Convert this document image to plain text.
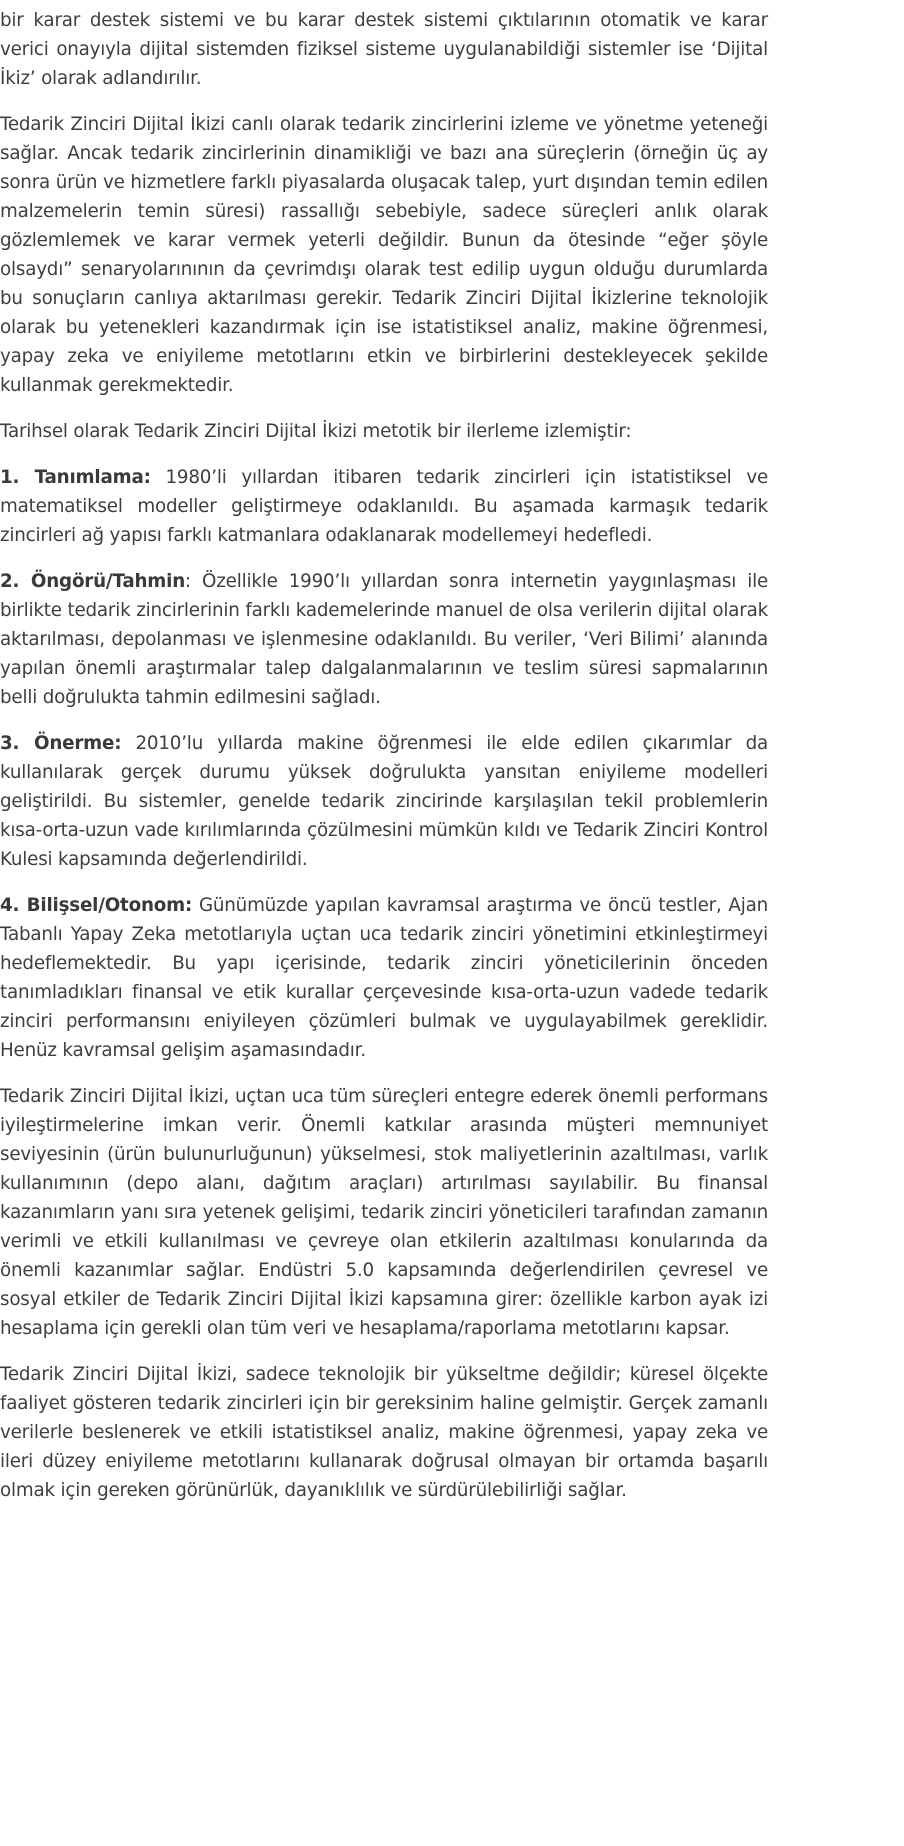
bir karar destek sistemi ve bu karar destek sistemi çıktılarının otomatik ve karar verici onayıyla dijital sistemden fiziksel sisteme uygulanabildiği sistemler ise ‘Dijital İkiz’ olarak adlandırılır.

Tedarik Zinciri Dijital İkizi canlı olarak tedarik zincirlerini izleme ve yönetme yeteneği sağlar. Ancak tedarik zincirlerinin dinamikliği ve bazı ana süreçlerin (örneğin üç ay sonra ürün ve hizmetlere farklı piyasalarda oluşacak talep, yurt dışından temin edilen malzemelerin temin süresi) rassallığı sebebiyle, sadece süreçleri anlık olarak gözlemlemek ve karar vermek yeterli değildir. Bunun da ötesinde “eğer şöyle olsaydı” senaryolarınının da çevrimdışı olarak test edilip uygun olduğu durumlarda bu sonuçların canlıya aktarılması gerekir. Tedarik Zinciri Dijital İkizlerine teknolojik olarak bu yetenekleri kazandırmak için ise istatistiksel analiz, makine öğrenmesi, yapay zeka ve eniyileme metotlarını etkin ve birbirlerini destekleyecek şekilde kullanmak gerekmektedir.

Tarihsel olarak Tedarik Zinciri Dijital İkizi metotik bir ilerleme izlemiştir:

1. Tanımlama: 1980’li yıllardan itibaren tedarik zincirleri için istatistiksel ve matematiksel modeller geliştirmeye odaklanıldı. Bu aşamada karmaşık tedarik zincirleri ağ yapısı farklı katmanlara odaklanarak modellemeyi hedefledi.

2. Öngörü/Tahmin: Özellikle 1990’lı yıllardan sonra internetin yaygınlaşması ile birlikte tedarik zincirlerinin farklı kademelerinde manuel de olsa verilerin dijital olarak aktarılması, depolanması ve işlenmesine odaklanıldı. Bu veriler, ‘Veri Bilimi’ alanında yapılan önemli araştırmalar talep dalgalanmalarının ve teslim süresi sapmalarının belli doğrulukta tahmin edilmesini sağladı.

3. Önerme: 2010’lu yıllarda makine öğrenmesi ile elde edilen çıkarımlar da kullanılarak gerçek durumu yüksek doğrulukta yansıtan eniyileme modelleri geliştirildi. Bu sistemler, genelde tedarik zincirinde karşılaşılan tekil problemlerin kısa-orta-uzun vade kırılımlarında çözülmesini mümkün kıldı ve Tedarik Zinciri Kontrol Kulesi kapsamında değerlendirildi.

4. Bilişsel/Otonom: Günümüzde yapılan kavramsal araştırma ve öncü testler, Ajan Tabanlı Yapay Zeka metotlarıyla uçtan uca tedarik zinciri yönetimini etkinleştirmeyi hedeflemektedir. Bu yapı içerisinde, tedarik zinciri yöneticilerinin önceden tanımladıkları finansal ve etik kurallar çerçevesinde kısa-orta-uzun vadede tedarik zinciri performansını eniyileyen çözümleri bulmak ve uygulayabilmek gereklidir. Henüz kavramsal gelişim aşamasındadır.

Tedarik Zinciri Dijital İkizi, uçtan uca tüm süreçleri entegre ederek önemli performans iyileştirmelerine imkan verir. Önemli katkılar arasında müşteri memnuniyet seviyesinin (ürün bulunurluğunun) yükselmesi, stok maliyetlerinin azaltılması, varlık kullanımının (depo alanı, dağıtım araçları) artırılması sayılabilir. Bu finansal kazanımların yanı sıra yetenek gelişimi, tedarik zinciri yöneticileri tarafından zamanın verimli ve etkili kullanılması ve çevreye olan etkilerin azaltılması konularında da önemli kazanımlar sağlar. Endüstri 5.0 kapsamında değerlendirilen çevresel ve sosyal etkiler de Tedarik Zinciri Dijital İkizi kapsamına girer: özellikle karbon ayak izi hesaplama için gerekli olan tüm veri ve hesaplama/raporlama metotlarını kapsar.

Tedarik Zinciri Dijital İkizi, sadece teknolojik bir yükseltme değildir; küresel ölçekte faaliyet gösteren tedarik zincirleri için bir gereksinim haline gelmiştir. Gerçek zamanlı verilerle beslenerek ve etkili istatistiksel analiz, makine öğrenmesi, yapay zeka ve ileri düzey eniyileme metotlarını kullanarak doğrusal olmayan bir ortamda başarılı olmak için gereken görünürlük, dayanıklılık ve sürdürülebilirliği sağlar.
